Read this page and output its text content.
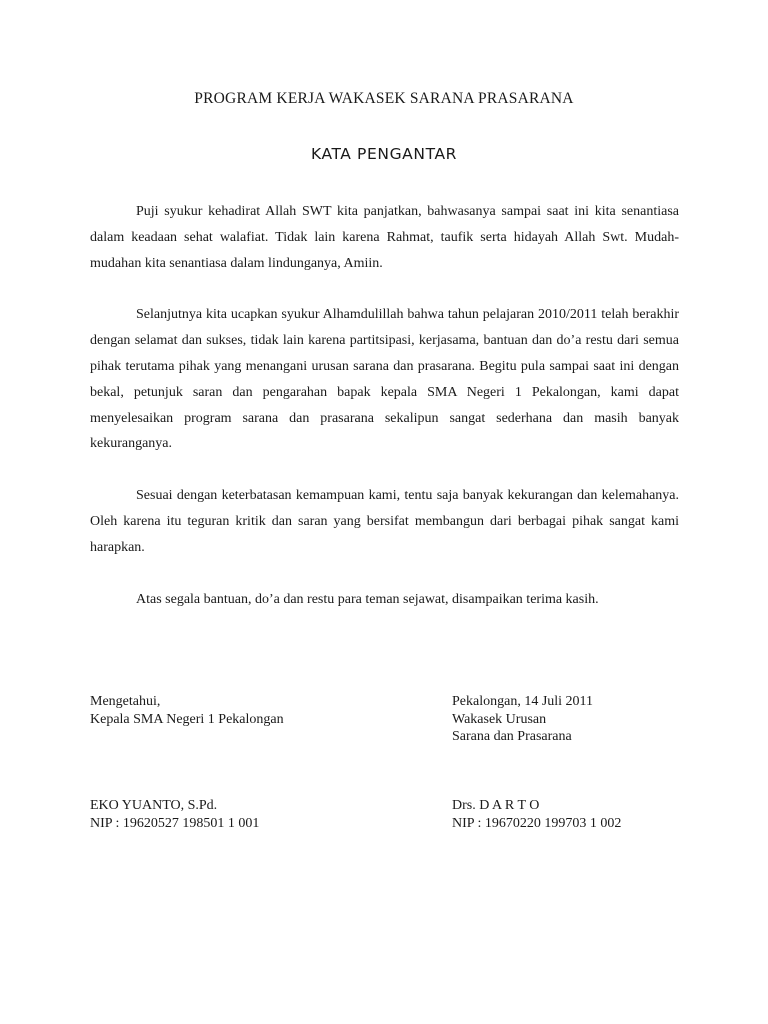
PROGRAM KERJA WAKASEK SARANA PRASARANA
KATA PENGANTAR

Puji syukur kehadirat Allah SWT kita panjatkan, bahwasanya sampai saat ini kita senantiasa dalam keadaan sehat walafiat. Tidak lain karena Rahmat, taufik serta hidayah Allah Swt. Mudah-mudahan kita senantiasa dalam lindunganya, Amiin.

Selanjutnya kita ucapkan syukur Alhamdulillah bahwa tahun pelajaran 2010/2011 telah berakhir dengan selamat dan sukses, tidak lain karena partitsipasi, kerjasama, bantuan dan do’a restu dari semua pihak terutama pihak yang menangani urusan sarana dan prasarana. Begitu pula sampai saat ini dengan bekal, petunjuk saran dan pengarahan bapak kepala SMA Negeri 1 Pekalongan, kami dapat menyelesaikan program sarana dan prasarana sekalipun sangat sederhana dan masih banyak kekuranganya.

Sesuai dengan keterbatasan kemampuan kami, tentu saja banyak kekurangan dan kelemahanya. Oleh karena itu teguran kritik dan saran yang bersifat membangun dari berbagai pihak sangat kami harapkan.

Atas segala bantuan, do’a dan restu para teman sejawat, disampaikan terima kasih.

Mengetahui,
Kepala SMA Negeri 1 Pekalongan
Pekalongan, 14 Juli 2011
Wakasek Urusan
Sarana dan Prasarana
EKO YUANTO, S.Pd.
NIP : 19620527 198501 1 001
Drs. D A R T O
NIP : 19670220 199703 1 002
